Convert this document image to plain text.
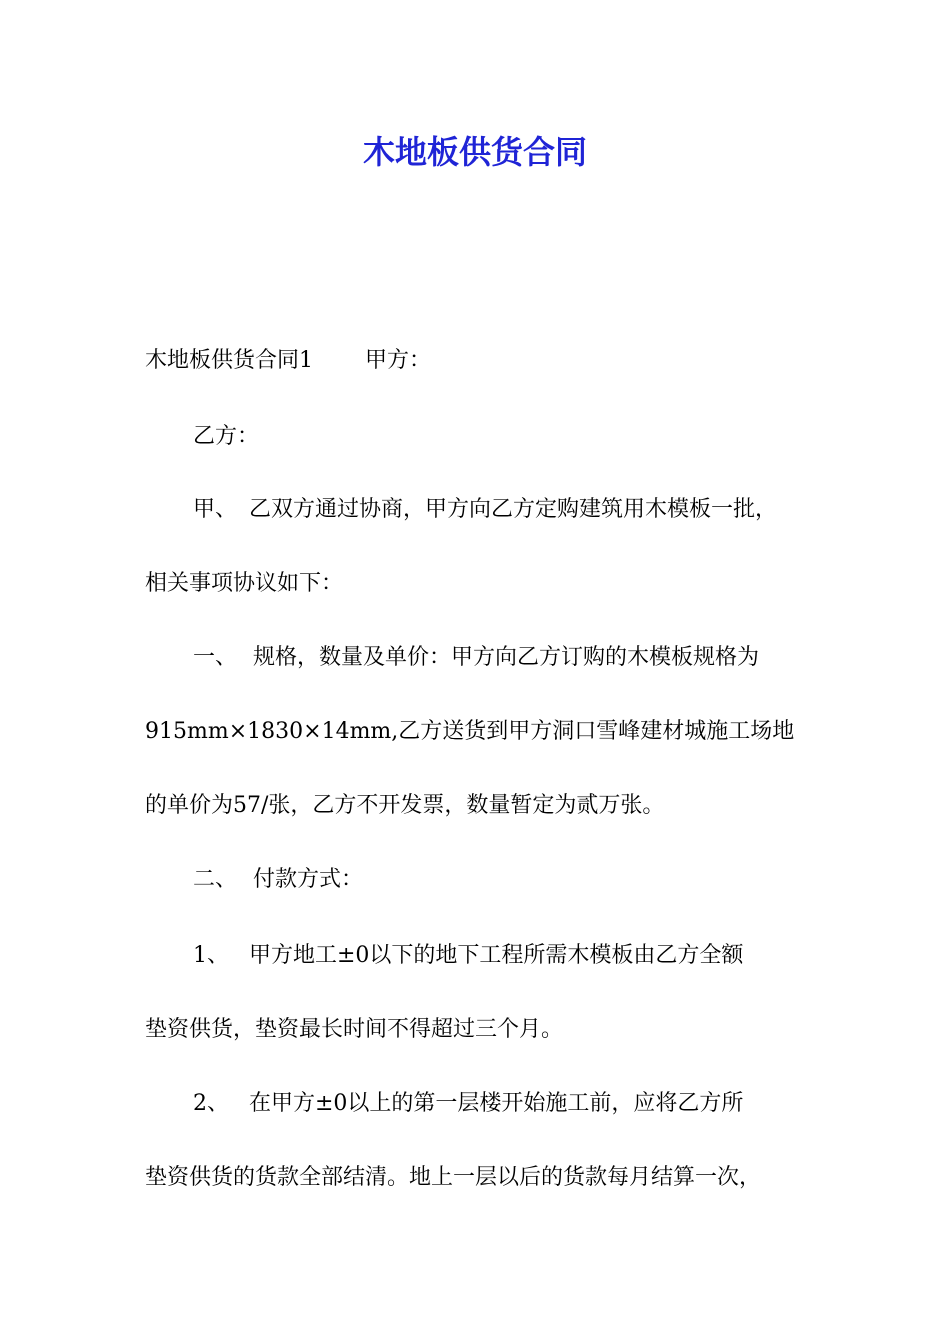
木地板供货合同

木地板供货合同1 甲方：

乙方：

甲、 乙双方通过协商，甲方向乙方定购建筑用木模板一批，

相关事项协议如下：

一、 规格，数量及单价：甲方向乙方订购的木模板规格为

915mm×1830×14mm,乙方送货到甲方洞口雪峰建材城施工场地

的单价为57/张，乙方不开发票，数量暂定为贰万张。

二、 付款方式：

1、 甲方地工±0以下的地下工程所需木模板由乙方全额

垫资供货，垫资最长时间不得超过三个月。

2、 在甲方±0以上的第一层楼开始施工前，应将乙方所

垫资供货的货款全部结清。地上一层以后的货款每月结算一次，
